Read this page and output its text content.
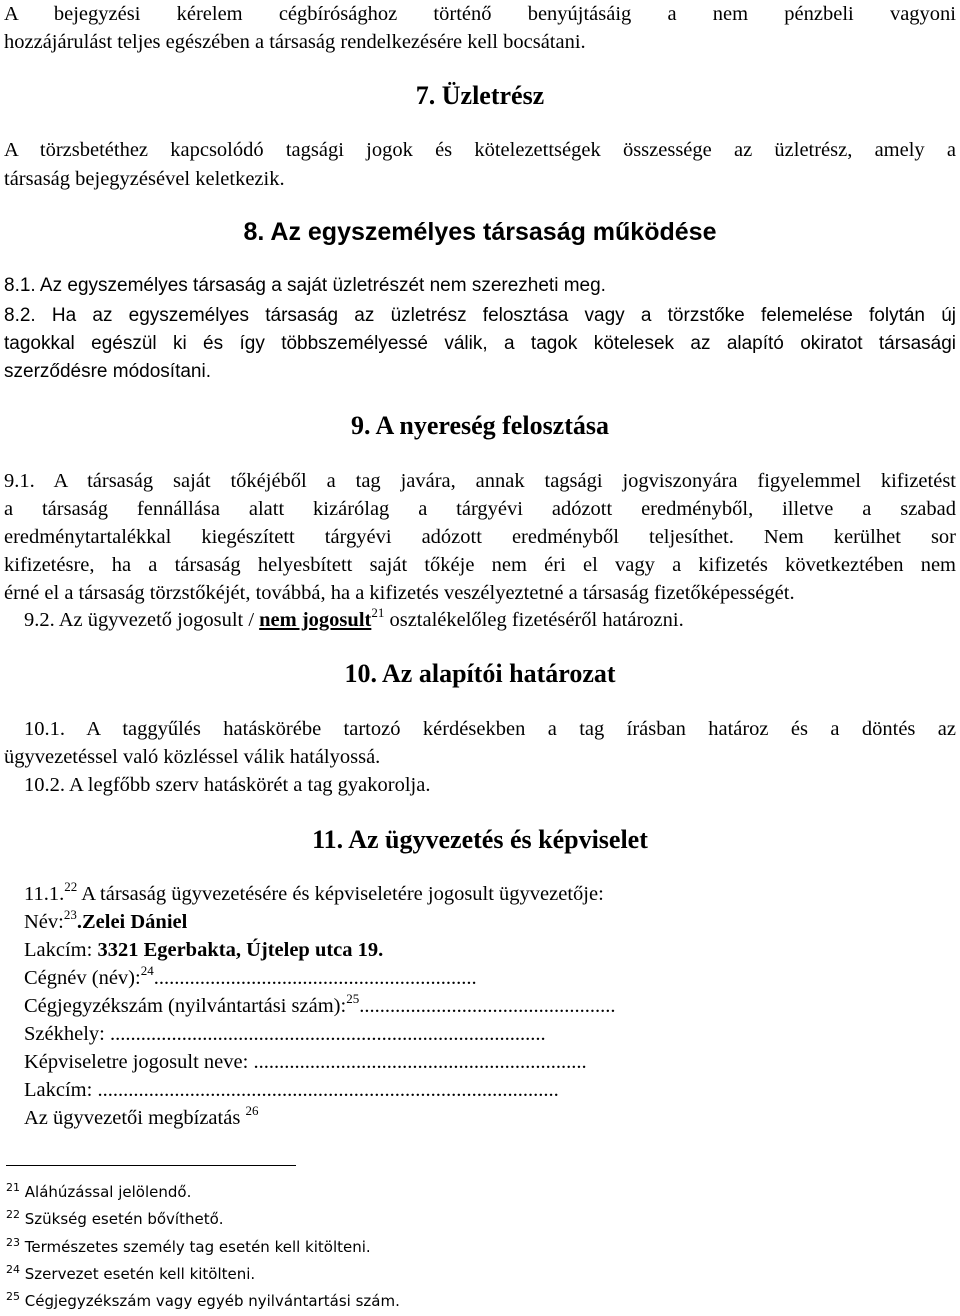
A bejegyzési kérelem cégbírósághoz történő benyújtásáig a nem pénzbeli vagyoni
hozzájárulást teljes egészében a társaság rendelkezésére kell bocsátani.
7. Üzletrész
A törzsbetéthez kapcsolódó tagsági jogok és kötelezettségek összessége az üzletrész, amely a
társaság bejegyzésével keletkezik.
8. Az egyszemélyes társaság működése
8.1. Az egyszemélyes társaság a saját üzletrészét nem szerezheti meg.
8.2. Ha az egyszemélyes társaság az üzletrész felosztása vagy a törzstőke felemelése folytán új
tagokkal egészül ki és így többszemélyessé válik, a tagok kötelesek az alapító okiratot társasági
szerződésre módosítani.
9. A nyereség felosztása
9.1. A társaság saját tőkéjéből a tag javára, annak tagsági jogviszonyára figyelemmel kifizetést
a társaság fennállása alatt kizárólag a tárgyévi adózott eredményből, illetve a szabad
eredménytartalékkal kiegészített tárgyévi adózott eredményből teljesíthet. Nem kerülhet sor
kifizetésre, ha a társaság helyesbített saját tőkéje nem éri el vagy a kifizetés következtében nem
érné el a társaság törzstőkéjét, továbbá, ha a kifizetés veszélyeztetné a társaság fizetőképességét.
9.2. Az ügyvezető jogosult / nem jogosult$^{21}$ osztalékelőleg fizetéséről határozni.
10. Az alapítói határozat
10.1. A taggyűlés hatáskörébe tartozó kérdésekben a tag írásban határoz és a döntés az
ügyvezetéssel való közléssel válik hatályossá.
10.2. A legfőbb szerv hatáskörét a tag gyakorolja.
11. Az ügyvezetés és képviselet
11.1.22 A társaság ügyvezetésére és képviseletére jogosult ügyvezetője:
Név:$^{23}$.Zelei Dániel
Lakcím: 3321 Egerbakta, Újtelep utca 19.
Cégnév (név):$^{24}$...............................................................
Cégjegyzékszám (nyilvántartási szám):$^{25}$..................................................
Székhely: .....................................................................................
Képviseletre jogosult neve: .................................................................
Lakcím: ..........................................................................................
Az ügyvezetői megbízatás $^{26}$
$^{21}$ Aláhúzással jelölendő.
$^{22}$ Szükség esetén bővíthető.
$^{23}$ Természetes személy tag esetén kell kitölteni.
$^{24}$ Szervezet esetén kell kitölteni.
$^{25}$ Cégjegyzékszám vagy egyéb nyilvántartási szám.
